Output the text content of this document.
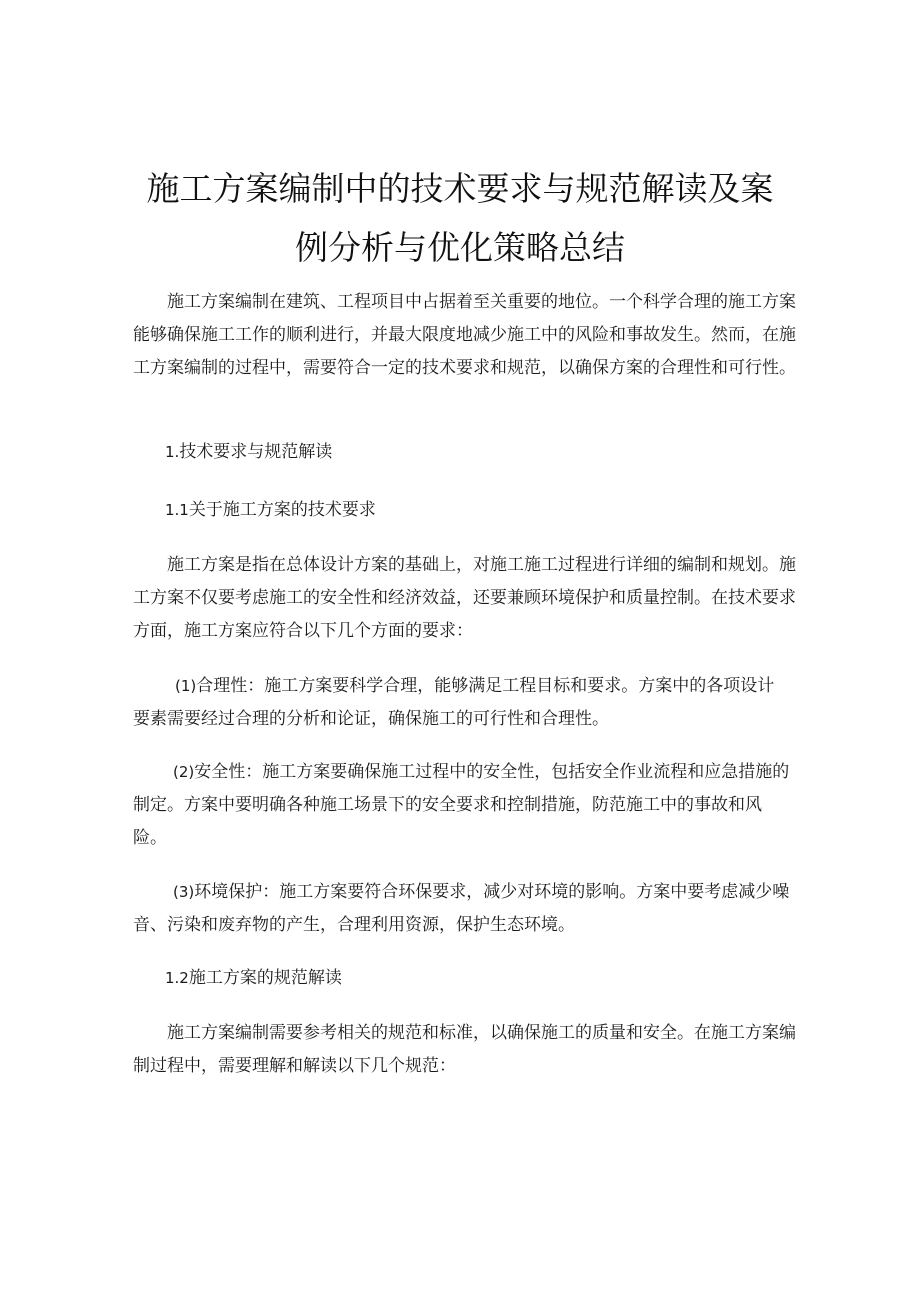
施工方案编制中的技术要求与规范解读及案
例分析与优化策略总结
施工方案编制在建筑、工程项目中占据着至关重要的地位。一个科学合理的施工方案
能够确保施工工作的顺利进行，并最大限度地减少施工中的风险和事故发生。然而，在施
工方案编制的过程中，需要符合一定的技术要求和规范，以确保方案的合理性和可行性。
1.技术要求与规范解读
1.1关于施工方案的技术要求
施工方案是指在总体设计方案的基础上，对施工施工过程进行详细的编制和规划。施
工方案不仅要考虑施工的安全性和经济效益，还要兼顾环境保护和质量控制。在技术要求
方面，施工方案应符合以下几个方面的要求：
(1)合理性：施工方案要科学合理，能够满足工程目标和要求。方案中的各项设计
要素需要经过合理的分析和论证，确保施工的可行性和合理性。
(2)安全性：施工方案要确保施工过程中的安全性，包括安全作业流程和应急措施的
制定。方案中要明确各种施工场景下的安全要求和控制措施，防范施工中的事故和风
险。
(3)环境保护：施工方案要符合环保要求，减少对环境的影响。方案中要考虑减少噪
音、污染和废弃物的产生，合理利用资源，保护生态环境。
1.2施工方案的规范解读
施工方案编制需要参考相关的规范和标准，以确保施工的质量和安全。在施工方案编
制过程中，需要理解和解读以下几个规范：
